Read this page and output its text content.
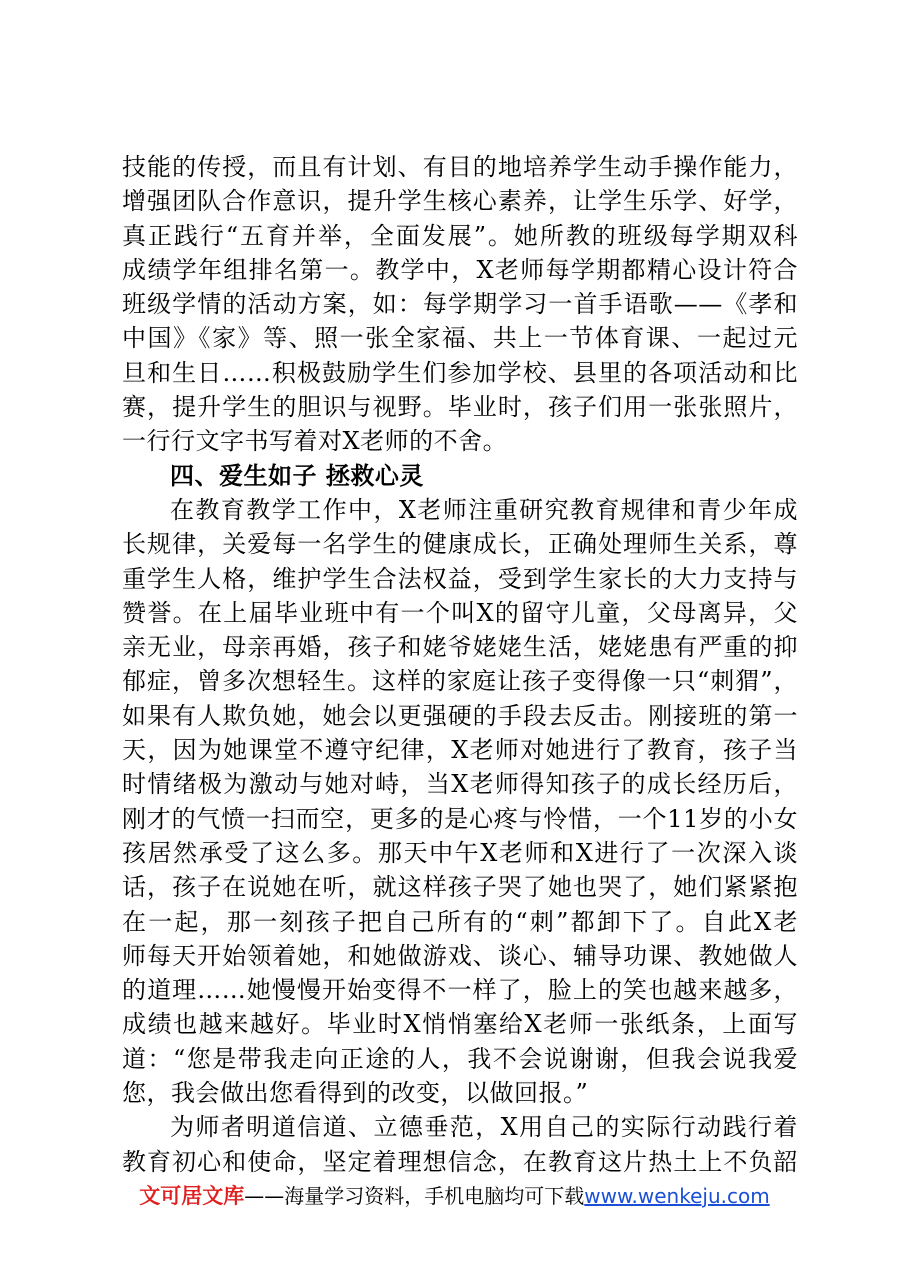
技能的传授，而且有计划、有目的地培养学生动手操作能力，
增强团队合作意识，提升学生核心素养，让学生乐学、好学，
真正践行“五育并举，全面发展”。她所教的班级每学期双科
成绩学年组排名第一。教学中，X老师每学期都精心设计符合
班级学情的活动方案，如：每学期学习一首手语歌——《孝和
中国》《家》等、照一张全家福、共上一节体育课、一起过元
旦和生日……积极鼓励学生们参加学校、县里的各项活动和比
赛，提升学生的胆识与视野。毕业时，孩子们用一张张照片，
一行行文字书写着对X老师的不舍。
四、爱生如子 拯救心灵
在教育教学工作中，X老师注重研究教育规律和青少年成
长规律，关爱每一名学生的健康成长，正确处理师生关系，尊
重学生人格，维护学生合法权益，受到学生家长的大力支持与
赞誉。在上届毕业班中有一个叫X的留守儿童，父母离异，父
亲无业，母亲再婚，孩子和姥爷姥姥生活，姥姥患有严重的抑
郁症，曾多次想轻生。这样的家庭让孩子变得像一只“刺猬”，
如果有人欺负她，她会以更强硬的手段去反击。刚接班的第一
天，因为她课堂不遵守纪律，X老师对她进行了教育，孩子当
时情绪极为激动与她对峙，当X老师得知孩子的成长经历后，
刚才的气愤一扫而空，更多的是心疼与怜惜，一个11岁的小女
孩居然承受了这么多。那天中午X老师和X进行了一次深入谈
话，孩子在说她在听，就这样孩子哭了她也哭了，她们紧紧抱
在一起，那一刻孩子把自己所有的“刺”都卸下了。自此X老
师每天开始领着她，和她做游戏、谈心、辅导功课、教她做人
的道理……她慢慢开始变得不一样了，脸上的笑也越来越多，
成绩也越来越好。毕业时X悄悄塞给X老师一张纸条，上面写
道：“您是带我走向正途的人，我不会说谢谢，但我会说我爱
您，我会做出您看得到的改变，以做回报。”
为师者明道信道、立德垂范，X用自己的实际行动践行着
教育初心和使命，坚定着理想信念，在教育这片热土上不负韶
文可居文库——海量学习资料，手机电脑均可下载www.wenkeju.com
